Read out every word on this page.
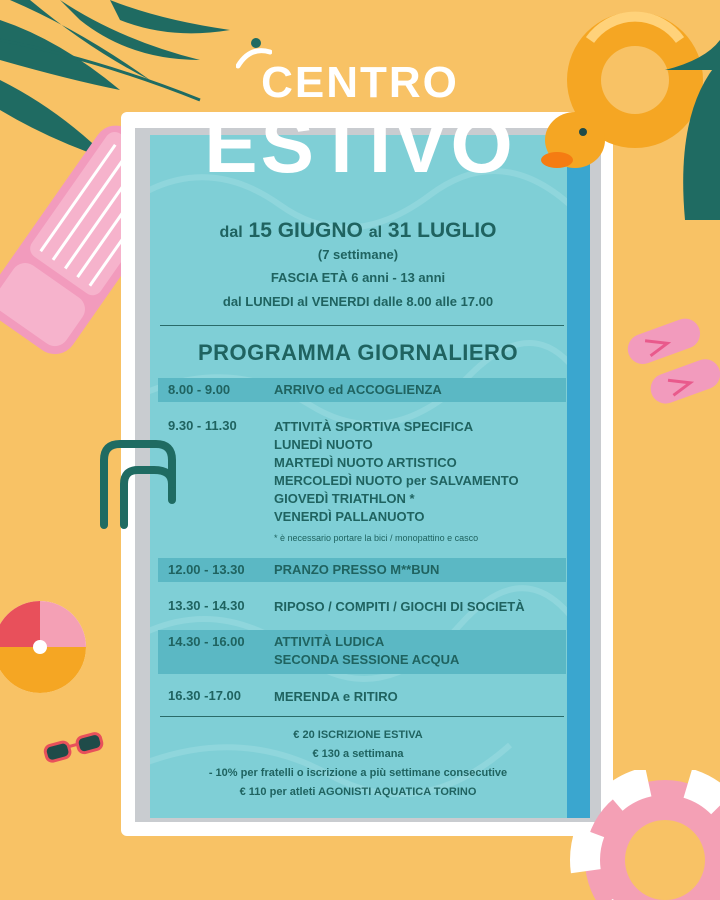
CENTRO
ESTIVO
dal 15 GIUGNO al 31 LUGLIO
(7 settimane)
FASCIA ETÀ 6 anni - 13 anni
dal LUNEDI al VENERDI dalle 8.00 alle 17.00
PROGRAMMA GIORNALIERO
8.00 - 9.00	ARRIVO ed ACCOGLIENZA
9.30 - 11.30	ATTIVITÀ SPORTIVA SPECIFICA
LUNEDÌ NUOTO
MARTEDÌ NUOTO ARTISTICO
MERCOLEDÌ NUOTO per SALVAMENTO
GIOVEDÌ TRIATHLON *
VENERDÌ PALLANUOTO
* è necessario portare la bici / monopattino e casco
12.00 - 13.30 PRANZO PRESSO M**BUN
13.30 - 14.30 RIPOSO / COMPITI / GIOCHI DI SOCIETÀ
14.30 - 16.00 ATTIVITÀ LUDICA
SECONDA SESSIONE ACQUA
16.30 -17.00	MERENDA e RITIRO
€ 20 ISCRIZIONE ESTIVA
€ 130 a settimana
- 10% per fratelli o iscrizione a più settimane consecutive
€ 110 per atleti AGONISTI AQUATICA TORINO
